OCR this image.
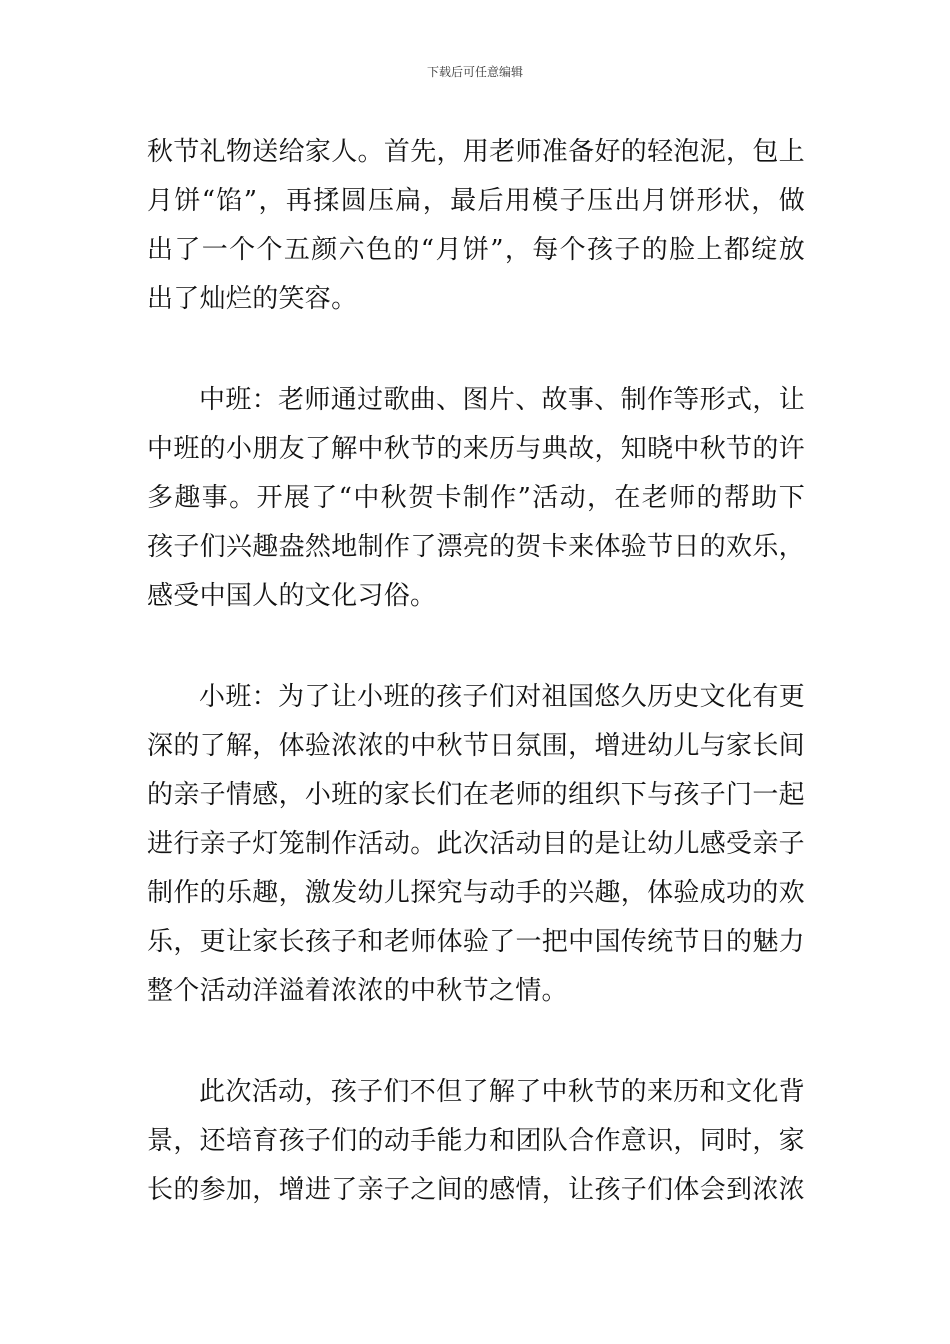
下载后可任意编辑

秋节礼物送给家人。首先，用老师准备好的轻泡泥，包上
月饼“馅”，再揉圆压扁，最后用模子压出月饼形状，做
出了一个个五颜六色的“月饼”，每个孩子的脸上都绽放
出了灿烂的笑容。

中班：老师通过歌曲、图片、故事、制作等形式，让
中班的小朋友了解中秋节的来历与典故，知晓中秋节的许
多趣事。开展了“中秋贺卡制作”活动，在老师的帮助下
孩子们兴趣盎然地制作了漂亮的贺卡来体验节日的欢乐，
感受中国人的文化习俗。

小班：为了让小班的孩子们对祖国悠久历史文化有更
深的了解，体验浓浓的中秋节日氛围，增进幼儿与家长间
的亲子情感，小班的家长们在老师的组织下与孩子门一起
进行亲子灯笼制作活动。此次活动目的是让幼儿感受亲子
制作的乐趣，激发幼儿探究与动手的兴趣，体验成功的欢
乐，更让家长孩子和老师体验了一把中国传统节日的魅力
整个活动洋溢着浓浓的中秋节之情。

此次活动，孩子们不但了解了中秋节的来历和文化背
景，还培育孩子们的动手能力和团队合作意识，同时，家
长的参加，增进了亲子之间的感情，让孩子们体会到浓浓
